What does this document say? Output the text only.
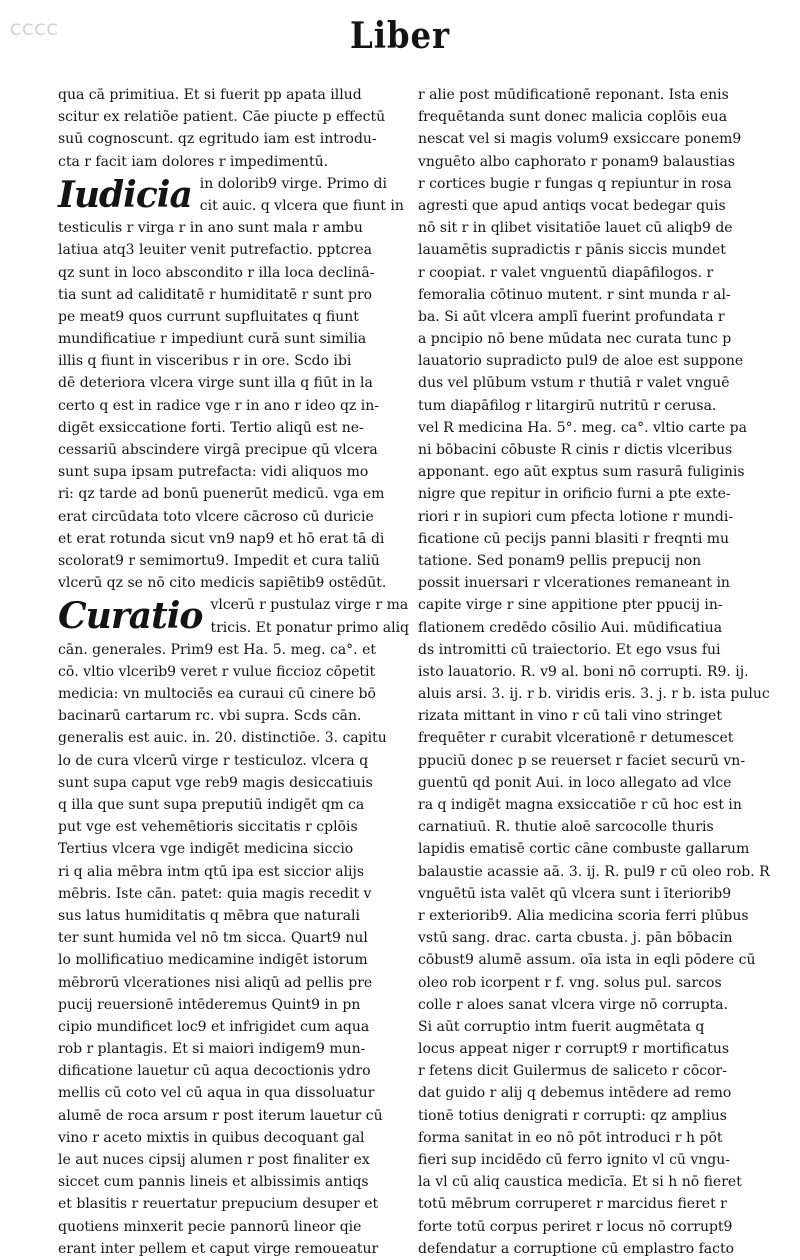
CCCC	Liber
qua cā primitiua. Et si fuerit pp apata illud
scitur ex relatiõe patient. Cāe piucte p effectū
suū cognoscunt. qz egritudo iam est introdu-
cta r facit iam dolores r impedimentū.
Iudicia in dolorib9 virge. Primo di
cit auic. q vlcera que fiunt in
testiculis r virga r in ano sunt mala r ambu
latiua atq3 leuiter venit putrefactio. pptcrea
qz sunt in loco abscondito r illa loca declinā-
tia sunt ad caliditatē r humiditatē r sunt pro
pe meat9 quos currunt supfluitates q fiunt
mundificatiue r impediunt curā sunt similia
illis q fiunt in visceribus r in ore. Scdo ibi
dē deteriora vlcera virge sunt illa q fiūt in la
certo q est in radice vge r in ano r ideo qz in-
digēt exsiccatione forti. Tertio aliqū est ne-
cessariū abscindere virgā precipue qū vlcera
sunt supa ipsam putrefacta: vidi aliquos mo
ri: qz tarde ad bonū puenerūt medicū. vga em
erat circūdata toto vlcere cācroso cū duricie
et erat rotunda sicut vn9 nap9 et hō erat tā di
scolorat9 r semimortu9. Impedit et cura taliū
vlcerū qz se nō cito medicis sapiētib9 ostēdūt.
Curatio vlcerū r pustulaz virge r ma
tricis. Et ponatur primo aliq
cān. generales. Prim9 est Ha. 5. meg. ca°. et
cō. vltio vlcerib9 veret r vulue ficcioz cōpetit
medicia: vn multociēs ea curaui cū cinere bō
bacinarū cartarum rc. vbi supra. Scds cān.
generalis est auic. in. 20. distinctiōe. 3. capitu
lo de cura vlcerū virge r testiculoz. vlcera q
sunt supa caput vge reb9 magis desiccatiuis
q illa que sunt supa preputiū indigēt qm ca
put vge est vehemētioris siccitatis r cplōis
Tertius vlcera vge indigēt medicina siccio
ri q alia mēbra intm qtū ipa est siccior alijs
mēbris. Iste cān. patet: quia magis recedit v
sus latus humiditatis q mēbra que naturali
ter sunt humida vel nō tm sicca. Quart9 nul
lo mollificatiuo medicamine indigēt istorum
mēbrorū vlcerationes nisi aliqū ad pellis pre
pucij reuersionē intēderemus Quint9 in pn
cipio mundificet loc9 et infrigidet cum aqua
rob r plantagis. Et si maiori indigem9 mun-
dificatione lauetur cū aqua decoctionis ydro
mellis cū coto vel cū aqua in qua dissoluatur
alumē de roca arsum r post iterum lauetur cū
vino r aceto mixtis in quibus decoquant gal
le aut nuces cipsij alumen r post finaliter ex
siccet cum pannis lineis et albissimis antiqs
et blasitis r reuertatur prepucium desuper et
quotiens minxerit pecie pannorū lineor qie
erant inter pellem et caput virge remoueatur
r alie post mūdificationē reponant. Ista enis
frequētanda sunt donec malicia coplōis eua
nescat vel si magis volum9 exsiccare ponem9
vnguēto albo caphorato r ponam9 balaustias
r cortices bugie r fungas q repiuntur in rosa
agresti que apud antiqs vocat bedegar quis
nō sit r in qlibet visitatiōe lauet cū aliqb9 de
lauamētis supradictis r pānis siccis mundet
r coopiat. r valet vnguentū diapāfilogos. r
femoralia cōtinuo mutent. r sint munda r al-
ba. Si aūt vlcera amplī fuerint profundata r
a pncipio nō bene mūdata nec curata tunc p
lauatorio supradicto pul9 de aloe est suppone
dus vel plūbum vstum r thutiā r valet vnguē
tum diapāfilog r litargirū nutritū r cerusa.
vel R medicina Ha. 5°. meg. ca°. vltio carte pa
ni bōbacini cōbuste R cinis r dictis vlceribus
apponant. ego aūt exptus sum rasurā fuliginis
nigre que repitur in orificio furni a pte exte-
riori r in supiori cum pfecta lotione r mundi-
ficatione cū pecijs panni blasiti r freqnti mu
tatione. Sed ponam9 pellis prepucij non
possit inuersari r vlcerationes remaneant in
capite virge r sine appitione pter ppucij in-
flationem credēdo cōsilio Aui. mūdificatiua
ds intromitti cū traiectorio. Et ego vsus fui
isto lauatorio. R. v9 al. boni nō corrupti. R9. ij.
aluis arsi. 3. ij. r b. viridis eris. 3. j. r b. ista puluc
rizata mittant in vino r cū tali vino stringet
frequēter r curabit vlcerationē r detumescet
ppuciū donec p se reuerset r faciet securū vn-
guentū qd ponit Aui. in loco allegato ad vlce
ra q indigēt magna exsiccatiōe r cū hoc est in
carnatiuū. R. thutie aloē sarcocolle thuris
lapidis ematisē cortic cāne combuste gallarum
balaustie acassie aā. 3. ij. R. pul9 r cū oleo rob. R
vnguētū ista valēt qū vlcera sunt i īteriorib9
r exteriorib9. Alia medicina scoria ferri plūbus
vstū sang. drac. carta cbusta. j. pān bōbacin
cōbust9 alumē assum. oīa ista in eqli pōdere cū
oleo rob icorpent r f. vng. solus pul. sarcos
colle r aloes sanat vlcera virge nō corrupta.
Si aūt corruptio intm fuerit augmētata q
locus appeat niger r corrupt9 r mortificatus
r fetens dicit Guilermus de saliceto r cōcor-
dat guido r alij q debemus intēdere ad remo
tionē totius denigrati r corrupti: qz amplius
forma sanitat in eo nō pōt introduci r h pōt
fieri sup incidēdo cū ferro ignito vl cū vngu-
la vl cū aliq caustica medicīa. Et si h nō fieret
totū mēbrum corruperet r marcidus fieret r
forte totū corpus periret r locus nō corrupt9
defendatur a corruptione cū emplastro facto
